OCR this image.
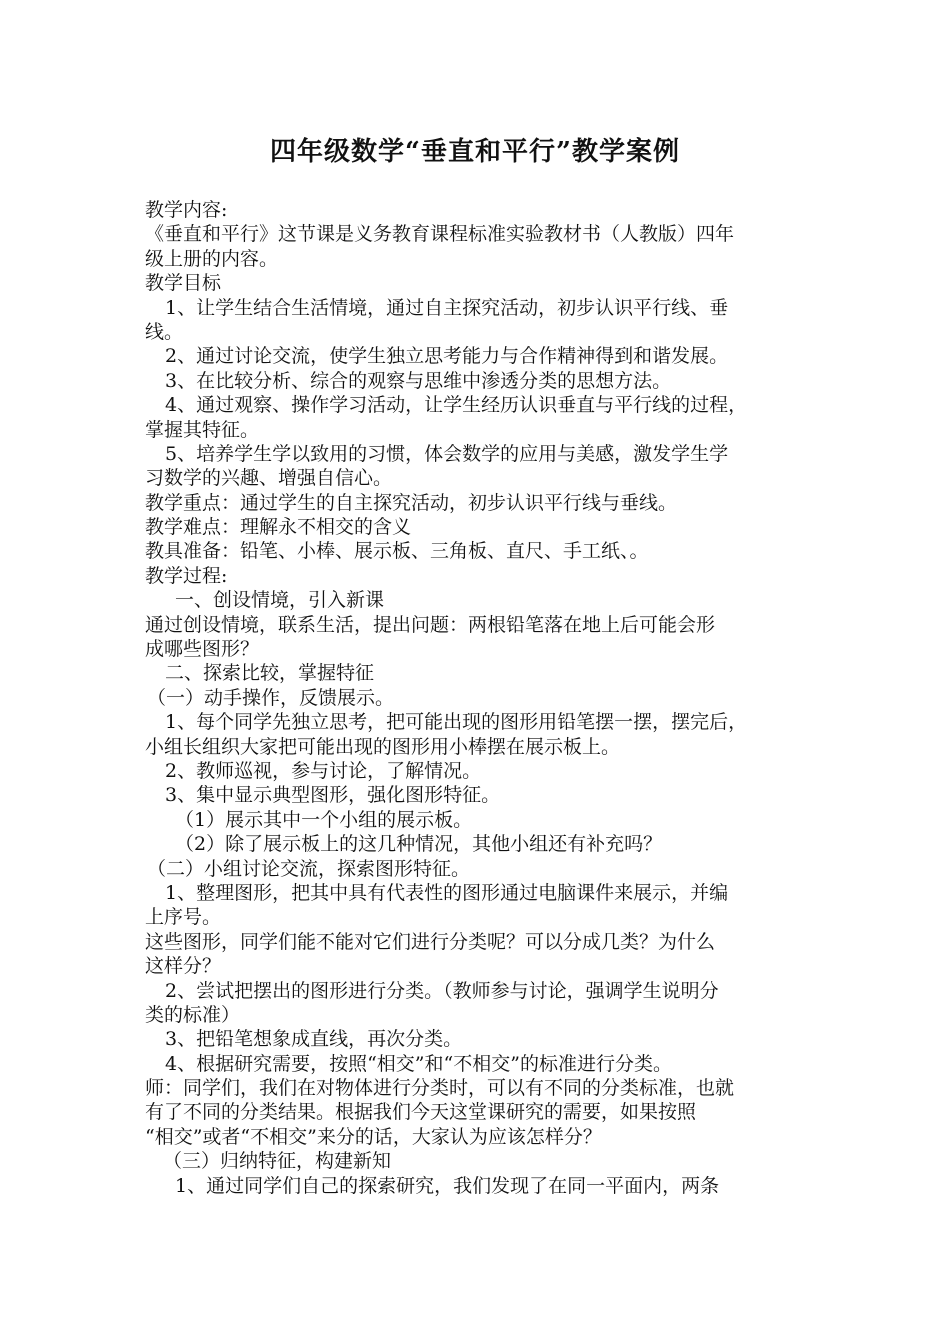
四年级数学“垂直和平行”教学案例
教学内容:
《垂直和平行》这节课是义务教育课程标准实验教材书（人教版）四年
级上册的内容。
教学目标
1、让学生结合生活情境，通过自主探究活动，初步认识平行线、垂
线。
2、通过讨论交流，使学生独立思考能力与合作精神得到和谐发展。
3、在比较分析、综合的观察与思维中渗透分类的思想方法。
4、通过观察、操作学习活动，让学生经历认识垂直与平行线的过程，
掌握其特征。
5、培养学生学以致用的习惯，体会数学的应用与美感，激发学生学
习数学的兴趣、增强自信心。
教学重点：通过学生的自主探究活动，初步认识平行线与垂线。
教学难点：理解永不相交的含义
教具准备：铅笔、小棒、展示板、三角板、直尺、手工纸、。
教学过程:
一、创设情境，引入新课
通过创设情境，联系生活，提出问题：两根铅笔落在地上后可能会形
成哪些图形？
二、探索比较，掌握特征
（一）动手操作，反馈展示。
1、每个同学先独立思考，把可能出现的图形用铅笔摆一摆，摆完后，
小组长组织大家把可能出现的图形用小棒摆在展示板上。
2、教师巡视，参与讨论，了解情况。
3、集中显示典型图形，强化图形特征。
（1）展示其中一个小组的展示板。
（2）除了展示板上的这几种情况，其他小组还有补充吗？
（二）小组讨论交流，探索图形特征。
1、整理图形，把其中具有代表性的图形通过电脑课件来展示，并编
上序号。
这些图形，同学们能不能对它们进行分类呢？可以分成几类？为什么
这样分？
2、尝试把摆出的图形进行分类。（教师参与讨论，强调学生说明分
类的标准）
3、把铅笔想象成直线，再次分类。
4、根据研究需要，按照“相交”和“不相交”的标准进行分类。
师：同学们，我们在对物体进行分类时，可以有不同的分类标准，也就
有了不同的分类结果。根据我们今天这堂课研究的需要，如果按照
“相交”或者“不相交”来分的话，大家认为应该怎样分？
（三）归纳特征，构建新知
1、通过同学们自己的探索研究，我们发现了在同一平面内，两条
